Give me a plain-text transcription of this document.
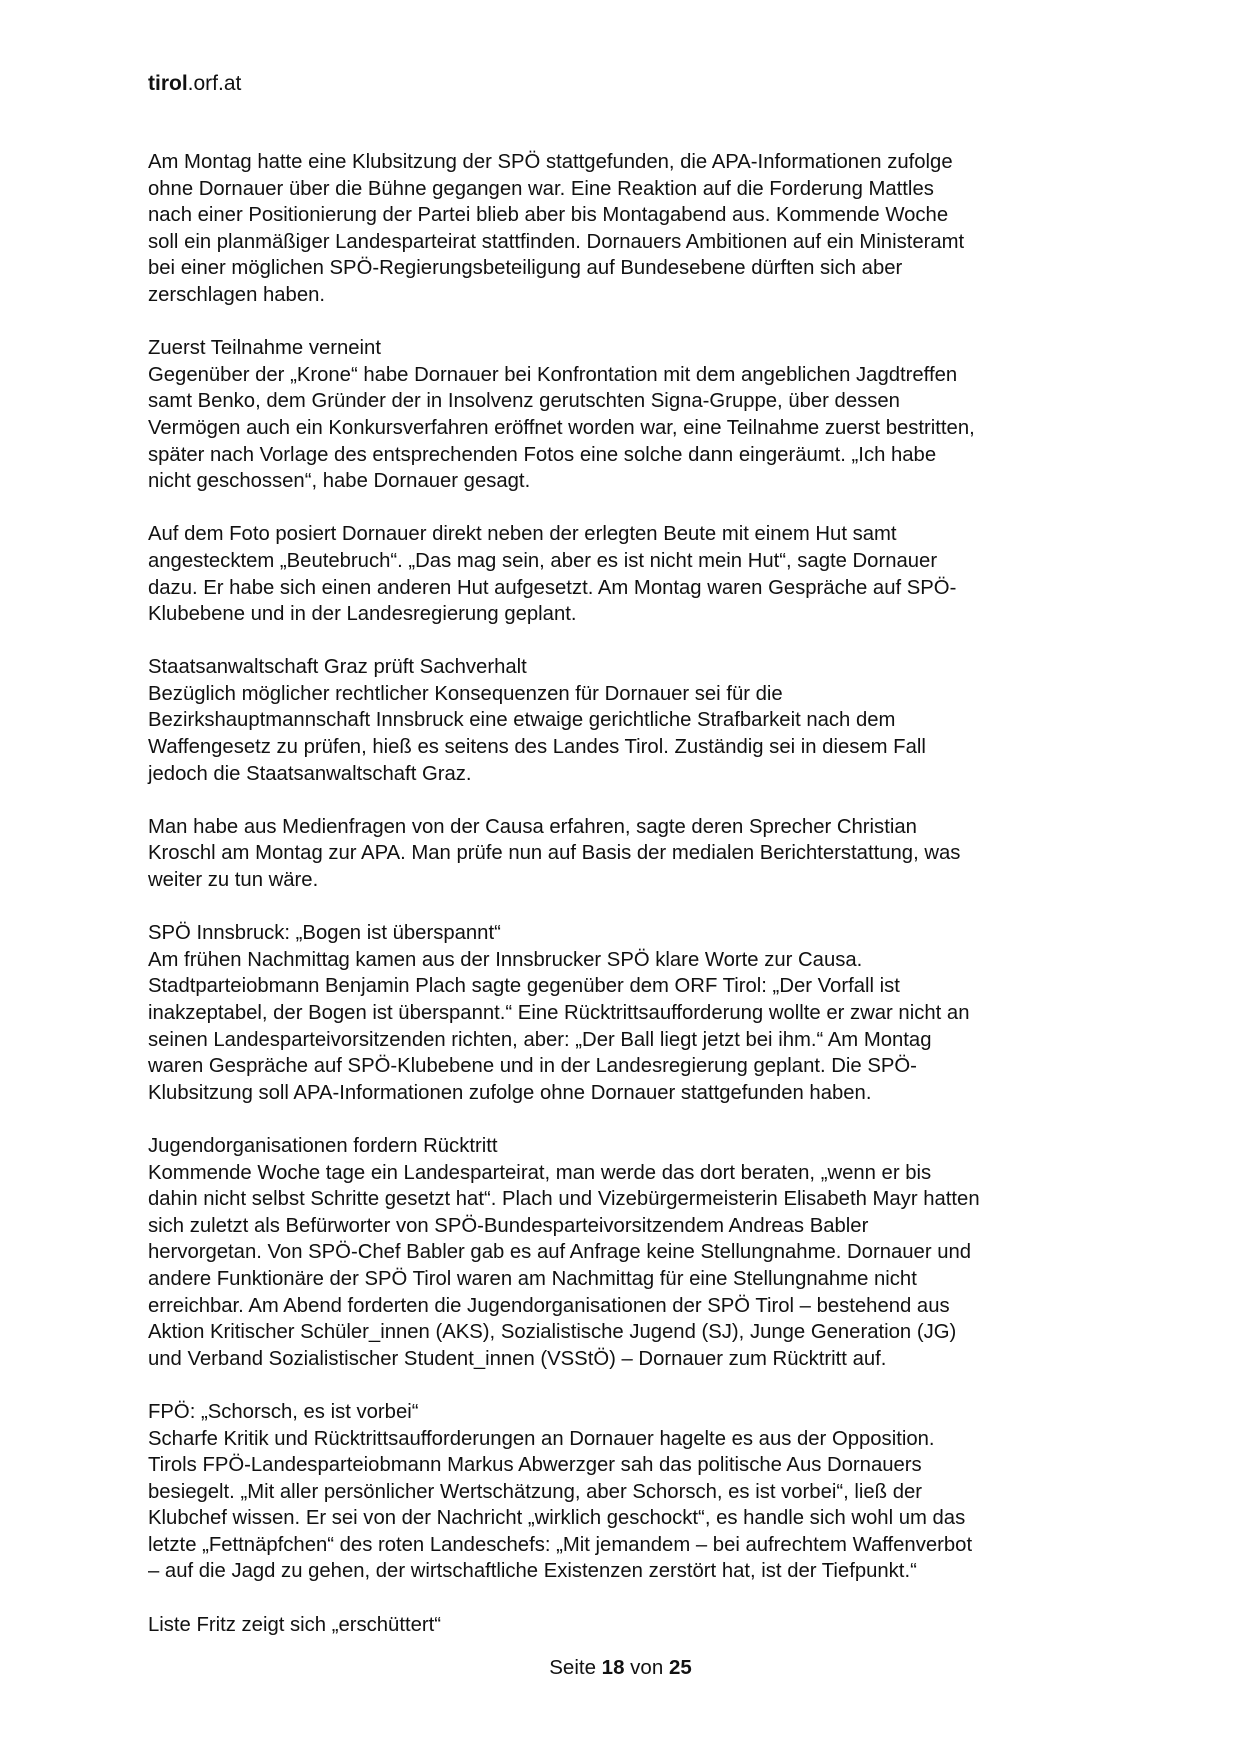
tirol.orf.at
Am Montag hatte eine Klubsitzung der SPÖ stattgefunden, die APA-Informationen zufolge
ohne Dornauer über die Bühne gegangen war. Eine Reaktion auf die Forderung Mattles
nach einer Positionierung der Partei blieb aber bis Montagabend aus. Kommende Woche
soll ein planmäßiger Landesparteirat stattfinden. Dornauers Ambitionen auf ein Ministeramt
bei einer möglichen SPÖ-Regierungsbeteiligung auf Bundesebene dürften sich aber
zerschlagen haben.
Zuerst Teilnahme verneint
Gegenüber der „Krone“ habe Dornauer bei Konfrontation mit dem angeblichen Jagdtreffen
samt Benko, dem Gründer der in Insolvenz gerutschten Signa-Gruppe, über dessen
Vermögen auch ein Konkursverfahren eröffnet worden war, eine Teilnahme zuerst bestritten,
später nach Vorlage des entsprechenden Fotos eine solche dann eingeräumt. „Ich habe
nicht geschossen“, habe Dornauer gesagt.
Auf dem Foto posiert Dornauer direkt neben der erlegten Beute mit einem Hut samt
angestecktem „Beutebruch“. „Das mag sein, aber es ist nicht mein Hut“, sagte Dornauer
dazu. Er habe sich einen anderen Hut aufgesetzt. Am Montag waren Gespräche auf SPÖ-
Klubebene und in der Landesregierung geplant.
Staatsanwaltschaft Graz prüft Sachverhalt
Bezüglich möglicher rechtlicher Konsequenzen für Dornauer sei für die
Bezirkshauptmannschaft Innsbruck eine etwaige gerichtliche Strafbarkeit nach dem
Waffengesetz zu prüfen, hieß es seitens des Landes Tirol. Zuständig sei in diesem Fall
jedoch die Staatsanwaltschaft Graz.
Man habe aus Medienfragen von der Causa erfahren, sagte deren Sprecher Christian
Kroschl am Montag zur APA. Man prüfe nun auf Basis der medialen Berichterstattung, was
weiter zu tun wäre.
SPÖ Innsbruck: „Bogen ist überspannt“
Am frühen Nachmittag kamen aus der Innsbrucker SPÖ klare Worte zur Causa.
Stadtparteiobmann Benjamin Plach sagte gegenüber dem ORF Tirol: „Der Vorfall ist
inakzeptabel, der Bogen ist überspannt.“ Eine Rücktrittsaufforderung wollte er zwar nicht an
seinen Landesparteivorsitzenden richten, aber: „Der Ball liegt jetzt bei ihm.“ Am Montag
waren Gespräche auf SPÖ-Klubebene und in der Landesregierung geplant. Die SPÖ-
Klubsitzung soll APA-Informationen zufolge ohne Dornauer stattgefunden haben.
Jugendorganisationen fordern Rücktritt
Kommende Woche tage ein Landesparteirat, man werde das dort beraten, „wenn er bis
dahin nicht selbst Schritte gesetzt hat“. Plach und Vizebürgermeisterin Elisabeth Mayr hatten
sich zuletzt als Befürworter von SPÖ-Bundesparteivorsitzendem Andreas Babler
hervorgetan. Von SPÖ-Chef Babler gab es auf Anfrage keine Stellungnahme. Dornauer und
andere Funktionäre der SPÖ Tirol waren am Nachmittag für eine Stellungnahme nicht
erreichbar. Am Abend forderten die Jugendorganisationen der SPÖ Tirol – bestehend aus
Aktion Kritischer Schüler_innen (AKS), Sozialistische Jugend (SJ), Junge Generation (JG)
und Verband Sozialistischer Student_innen (VSStÖ) – Dornauer zum Rücktritt auf.
FPÖ: „Schorsch, es ist vorbei“
Scharfe Kritik und Rücktrittsaufforderungen an Dornauer hagelte es aus der Opposition.
Tirols FPÖ-Landesparteiobmann Markus Abwerzger sah das politische Aus Dornauers
besiegelt. „Mit aller persönlicher Wertschätzung, aber Schorsch, es ist vorbei“, ließ der
Klubchef wissen. Er sei von der Nachricht „wirklich geschockt“, es handle sich wohl um das
letzte „Fettnäpfchen“ des roten Landeschefs: „Mit jemandem – bei aufrechtem Waffenverbot
– auf die Jagd zu gehen, der wirtschaftliche Existenzen zerstört hat, ist der Tiefpunkt.“
Liste Fritz zeigt sich „erschüttert“
Seite 18 von 25
